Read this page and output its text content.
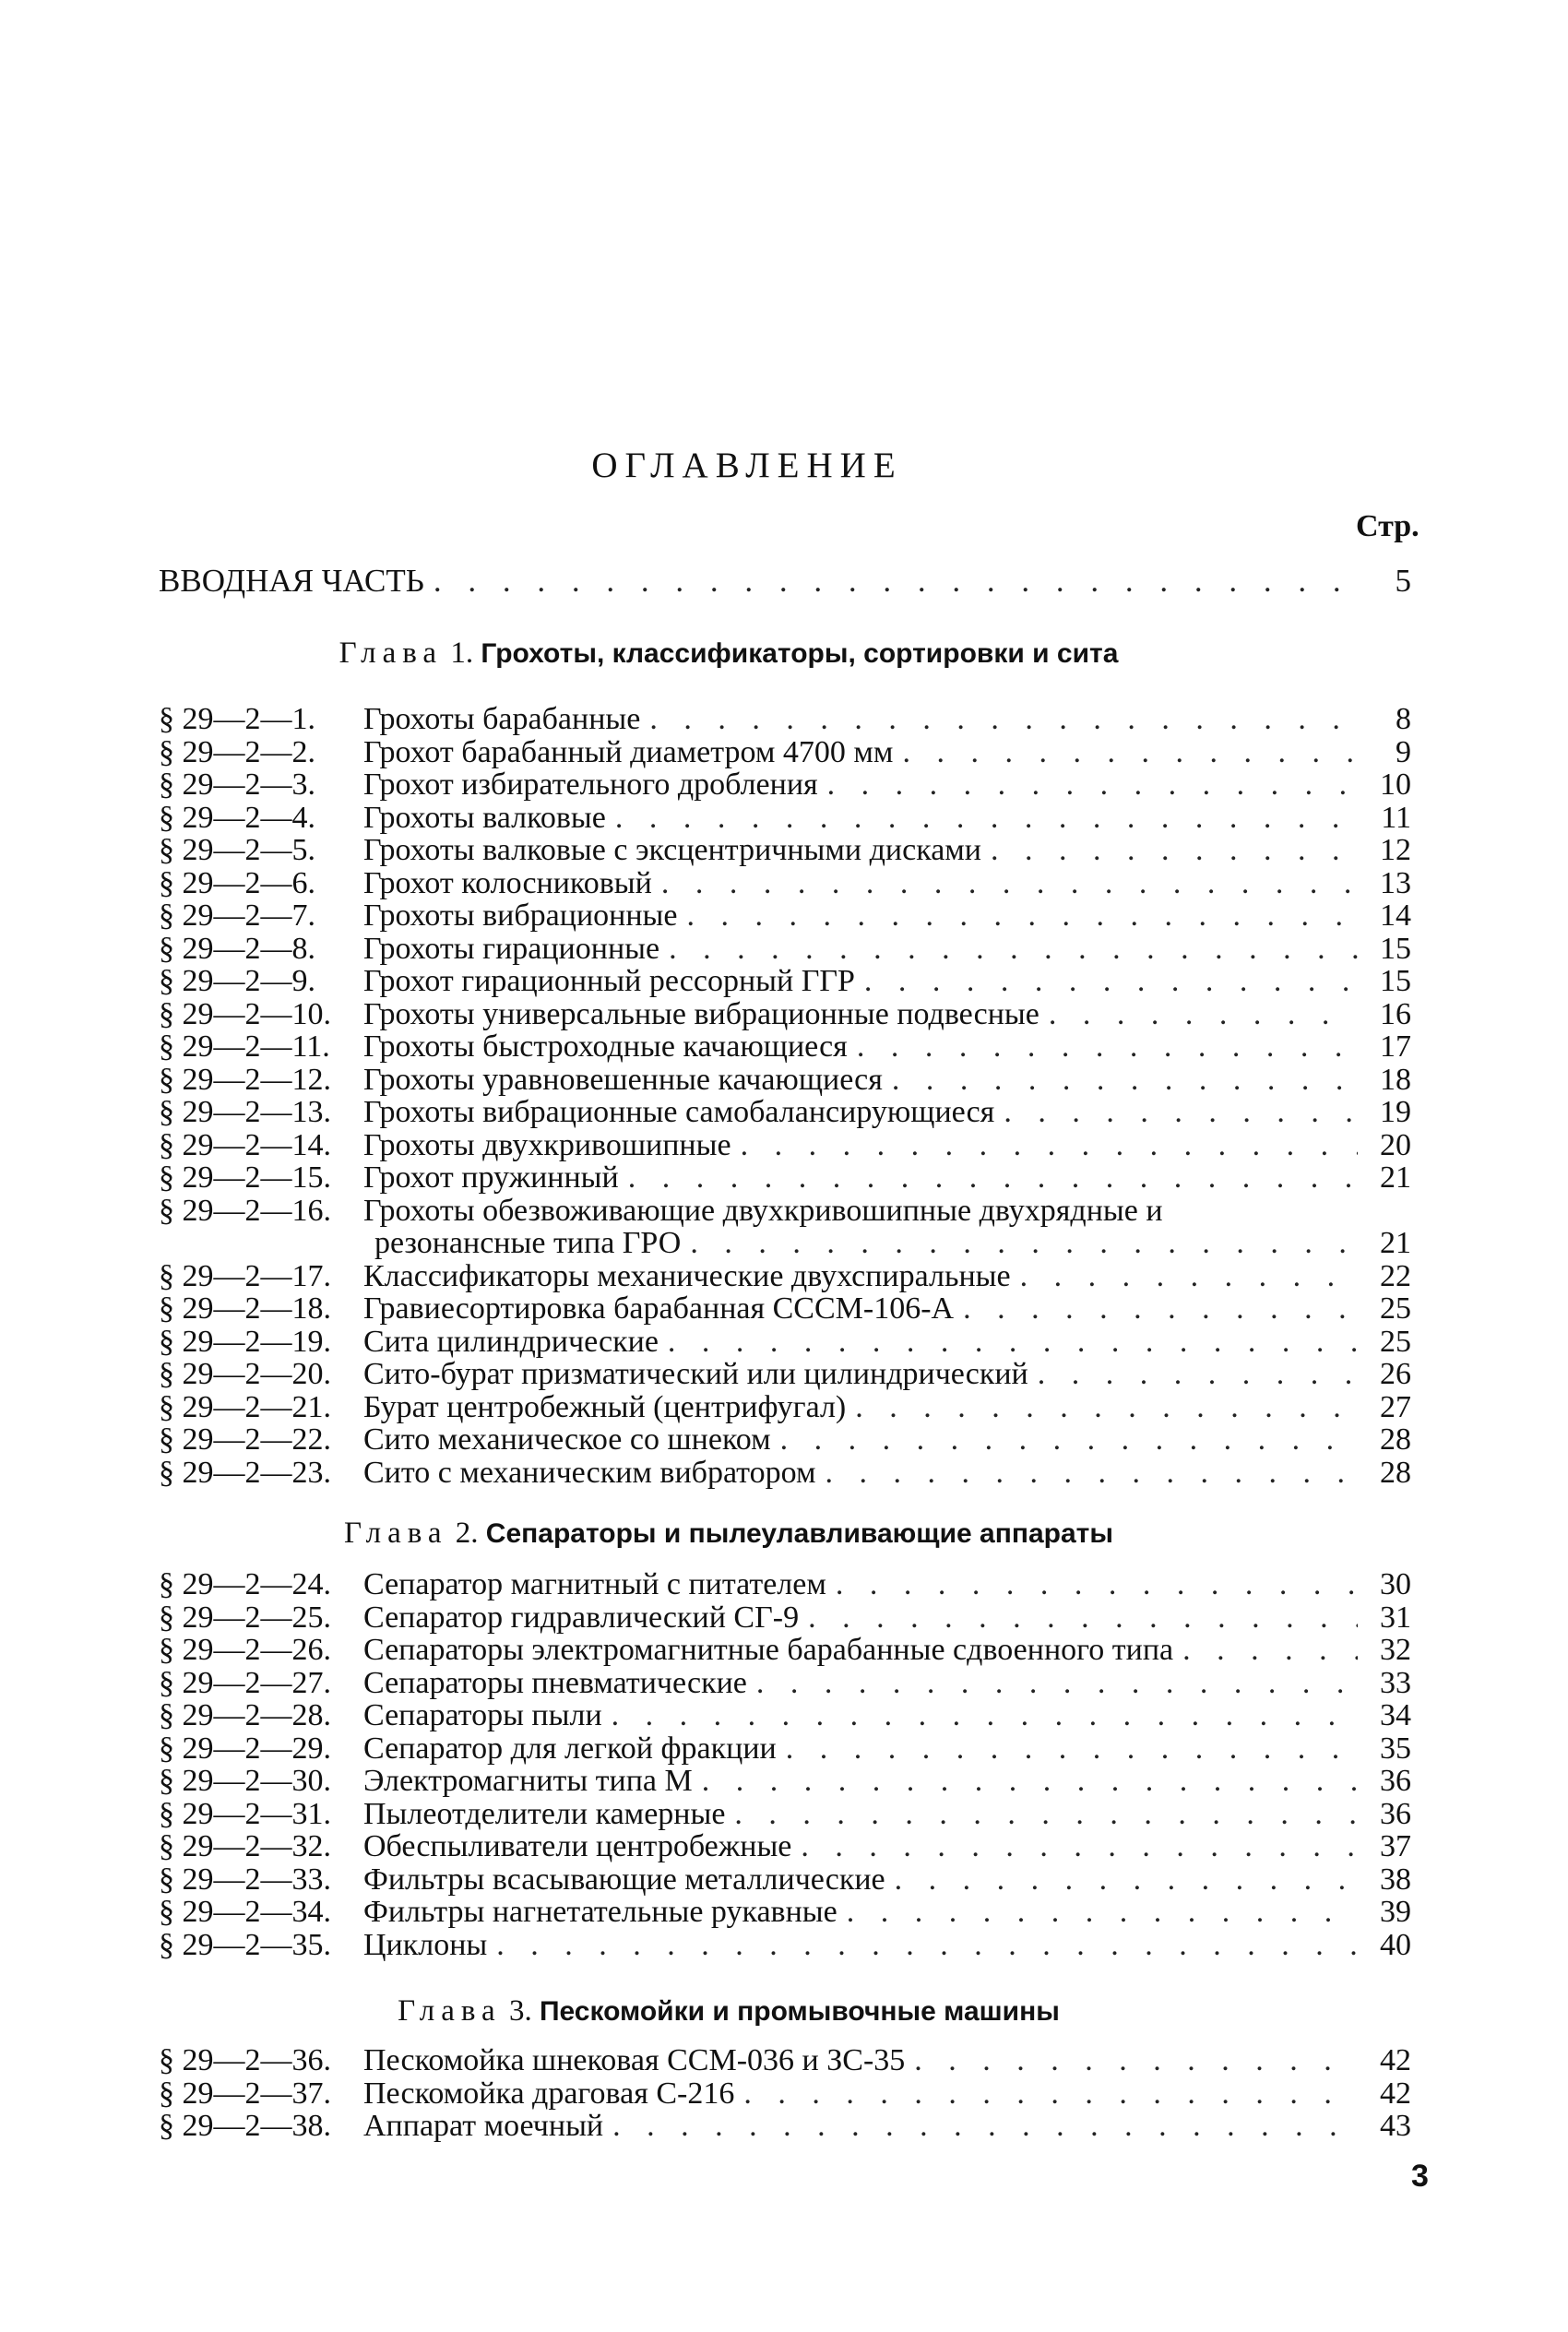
ОГЛАВЛЕНИЕ
Стр.
ВВОДНАЯ ЧАСТЬ . . .	5
Глава 1. Грохоты, классификаторы, сортировки и сита
§ 29—2—1.	Грохоты барабанные . . .	8
§ 29—2—2.	Грохот барабанный диаметром 4700 мм . . .	9
§ 29—2—3.	Грохот избирательного дробления . . .	10
§ 29—2—4.	Грохоты валковые . . .	11
§ 29—2—5.	Грохоты валковые с эксцентричными дисками . . .	12
§ 29—2—6.	Грохот колосниковый . . .	13
§ 29—2—7.	Грохоты вибрационные . . .	14
§ 29—2—8.	Грохоты гирационные . . .	15
§ 29—2—9.	Грохот гирационный рессорный ГГР . . .	15
§ 29—2—10.	Грохоты универсальные вибрационные подвесные . . .	16
§ 29—2—11.	Грохоты быстроходные качающиеся . . .	17
§ 29—2—12.	Грохоты уравновешенные качающиеся . . .	18
§ 29—2—13.	Грохоты вибрационные самобалансирующиеся . . .	19
§ 29—2—14.	Грохоты двухкривошипные . . .	20
§ 29—2—15.	Грохот пружинный . . .	21
§ 29—2—16.	Грохоты обезвоживающие двухкривошипные двухрядные и
резонансные типа ГРО . . .	21
§ 29—2—17.	Классификаторы механические двухспиральные . . .	22
§ 29—2—18.	Гравиесортировка барабанная СССМ-106-А . . .	25
§ 29—2—19.	Сита цилиндрические . . .	25
§ 29—2—20.	Сито-бурат призматический или цилиндрический . . .	26
§ 29—2—21.	Бурат центробежный (центрифугал) . . .	27
§ 29—2—22.	Сито механическое со шнеком . . .	28
§ 29—2—23.	Сито с механическим вибратором . . .	28
Глава 2. Сепараторы и пылеулавливающие аппараты
§ 29—2—24.	Сепаратор магнитный с питателем . . .	30
§ 29—2—25.	Сепаратор гидравлический СГ-9 . . .	31
§ 29—2—26.	Сепараторы электромагнитные барабанные сдвоенного типа . . .	32
§ 29—2—27.	Сепараторы пневматические . . .	33
§ 29—2—28.	Сепараторы пыли . . .	34
§ 29—2—29.	Сепаратор для легкой фракции . . .	35
§ 29—2—30.	Электромагниты типа М . . .	36
§ 29—2—31.	Пылеотделители камерные . . .	36
§ 29—2—32.	Обеспыливатели центробежные . . .	37
§ 29—2—33.	Фильтры всасывающие металлические . . .	38
§ 29—2—34.	Фильтры нагнетательные рукавные . . .	39
§ 29—2—35.	Циклоны . . .	40
Глава 3. Пескомойки и промывочные машины
§ 29—2—36.	Пескомойка шнековая ССМ-036 и ЗС-35 . . .	42
§ 29—2—37.	Пескомойка драговая С-216 . . .	42
§ 29—2—38.	Аппарат моечный . . .	43
3
